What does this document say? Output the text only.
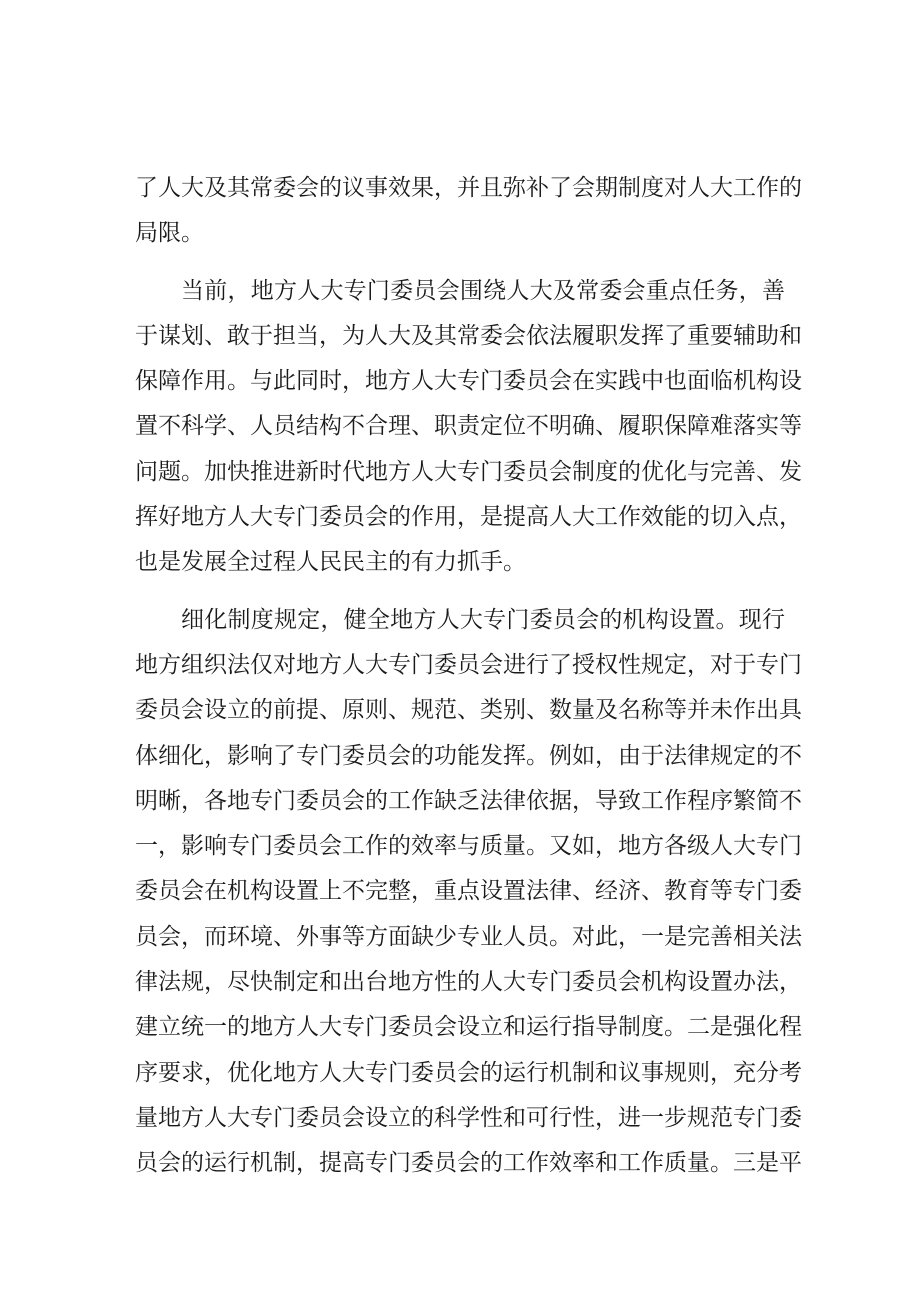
了人大及其常委会的议事效果，并且弥补了会期制度对人大工作的
局限。
当前，地方人大专门委员会围绕人大及常委会重点任务，善
于谋划、敢于担当，为人大及其常委会依法履职发挥了重要辅助和
保障作用。与此同时，地方人大专门委员会在实践中也面临机构设
置不科学、人员结构不合理、职责定位不明确、履职保障难落实等
问题。加快推进新时代地方人大专门委员会制度的优化与完善、发
挥好地方人大专门委员会的作用，是提高人大工作效能的切入点，
也是发展全过程人民民主的有力抓手。
细化制度规定，健全地方人大专门委员会的机构设置。现行
地方组织法仅对地方人大专门委员会进行了授权性规定，对于专门
委员会设立的前提、原则、规范、类别、数量及名称等并未作出具
体细化，影响了专门委员会的功能发挥。例如，由于法律规定的不
明晰，各地专门委员会的工作缺乏法律依据，导致工作程序繁简不
一，影响专门委员会工作的效率与质量。又如，地方各级人大专门
委员会在机构设置上不完整，重点设置法律、经济、教育等专门委
员会，而环境、外事等方面缺少专业人员。对此，一是完善相关法
律法规，尽快制定和出台地方性的人大专门委员会机构设置办法，
建立统一的地方人大专门委员会设立和运行指导制度。二是强化程
序要求，优化地方人大专门委员会的运行机制和议事规则，充分考
量地方人大专门委员会设立的科学性和可行性，进一步规范专门委
员会的运行机制，提高专门委员会的工作效率和工作质量。三是平
